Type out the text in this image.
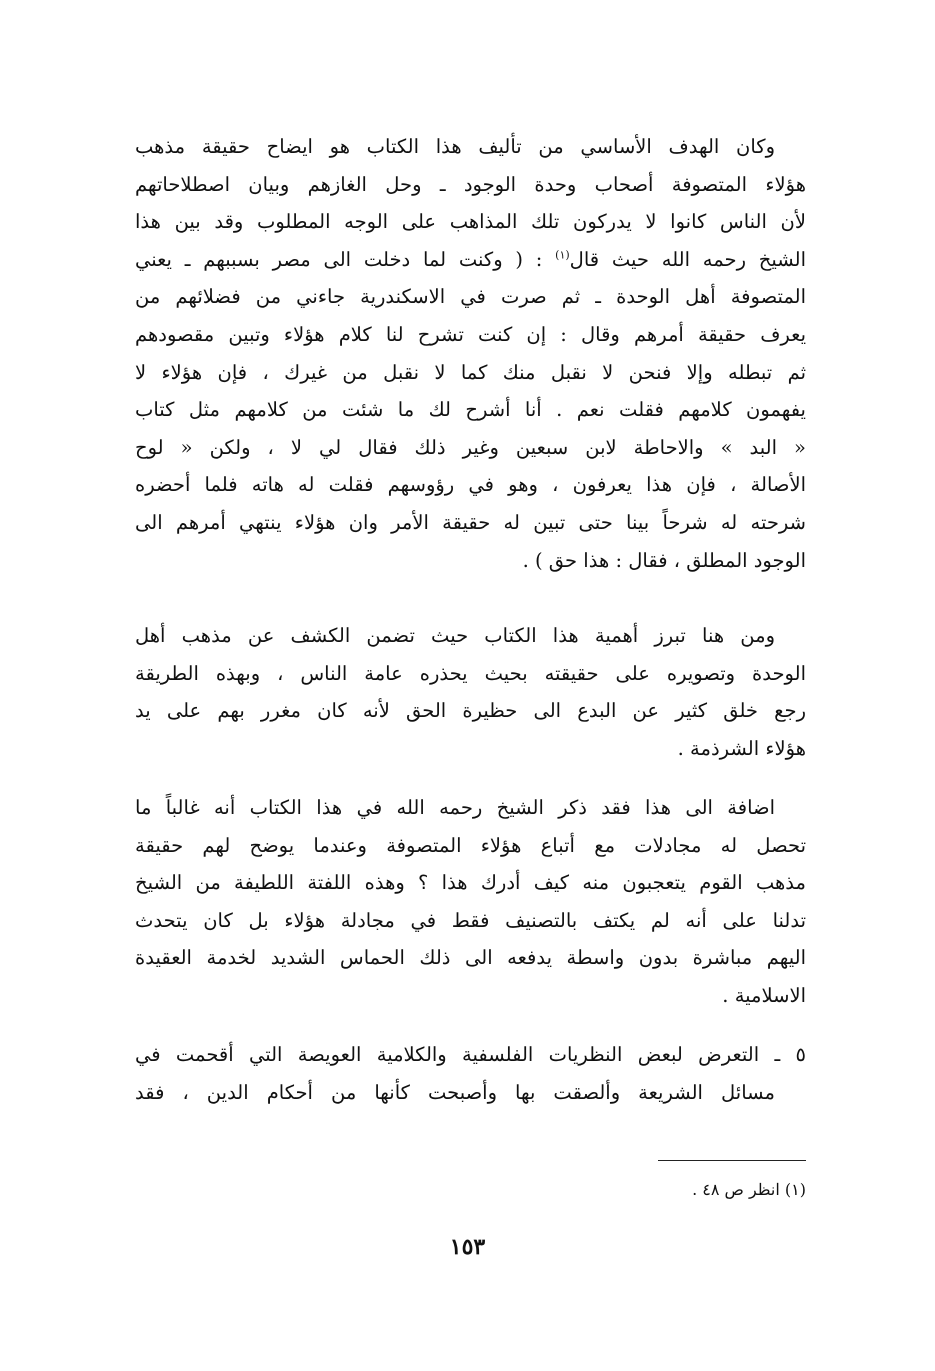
وكان الهدف الأساسي من تأليف هذا الكتاب هو ايضاح حقيقة مذهب
هؤلاء المتصوفة أصحاب وحدة الوجود ـ وحل الغازهم وبيان اصطلاحاتهم
لأن الناس كانوا لا يدركون تلك المذاهب على الوجه المطلوب وقد بين هذا
الشيخ رحمه الله حيث قال$^{(١)}$ : ( وكنت لما دخلت الى مصر بسببهم ـ يعني
المتصوفة أهل الوحدة ـ ثم صرت في الاسكندرية جاءني من فضلائهم من
يعرف حقيقة أمرهم وقال : إن كنت تشرح لنا كلام هؤلاء وتبين مقصودهم
ثم تبطله وإلا فنحن لا نقبل منك كما لا نقبل من غيرك ، فإن هؤلاء لا
يفهمون كلامهم فقلت نعم . أنا أشرح لك ما شئت من كلامهم مثل كتاب
« البد » والاحاطة لابن سبعين وغير ذلك فقال لي لا ، ولكن « لوح
الأصالة ، فإن هذا يعرفون ، وهو في رؤوسهم فقلت له هاته فلما أحضره
شرحته له شرحاً بينا حتى تبين له حقيقة الأمر وان هؤلاء ينتهي أمرهم الى
الوجود المطلق ، فقال : هذا حق ) .
ومن هنا تبرز أهمية هذا الكتاب حيث تضمن الكشف عن مذهب أهل
الوحدة وتصويره على حقيقته بحيث يحذره عامة الناس ، وبهذه الطريقة
رجع خلق كثير عن البدع الى حظيرة الحق لأنه كان مغرر بهم على يد
هؤلاء الشرذمة .
اضافة الى هذا فقد ذكر الشيخ رحمه الله في هذا الكتاب أنه غالباً ما
تحصل له مجادلات مع أتباع هؤلاء المتصوفة وعندما يوضح لهم حقيقة
مذهب القوم يتعجبون منه كيف أدرك هذا ؟ وهذه اللفتة اللطيفة من الشيخ
تدلنا على أنه لم يكتف بالتصنيف فقط في مجادلة هؤلاء بل كان يتحدث
اليهم مباشرة بدون واسطة يدفعه الى ذلك الحماس الشديد لخدمة العقيدة
الاسلامية .
٥ ـ التعرض لبعض النظريات الفلسفية والكلامية العويصة التي أقحمت في
مسائل الشريعة وألصقت بها وأصبحت كأنها من أحكام الدين ، فقد
(١) انظر ص ٤٨ .
١٥٣
